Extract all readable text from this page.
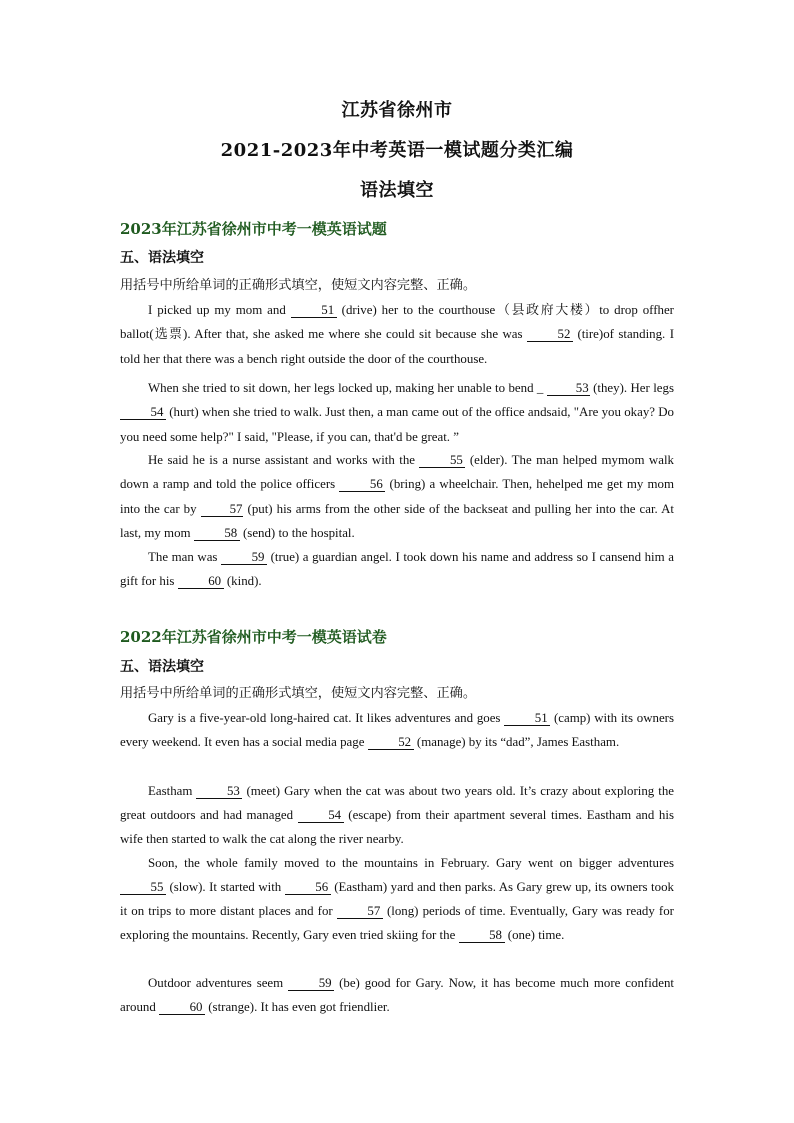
江苏省徐州市
2021-2023年中考英语一模试题分类汇编
语法填空
2023年江苏省徐州市中考一模英语试题
五、语法填空
用括号中所给单词的正确形式填空，使短文内容完整、正确。

I picked up my mom and	51 (drive) her to the courthouse（县政府大楼）to drop offher ballot(选票). After that, she asked me where she could sit because she was	52 (tire)of standing. I told her that there was a bench right outside the door of the courthouse.

When she tried to sit down, her legs locked up, making her unable to bend _	53 (they). Her legs 54 (hurt) when she tried to walk. Just then, a man came out of the office andsaid, "Are you okay? Do you need some help?" I said, "Please, if you can, that'd be great. ”

He said he is a nurse assistant and works with the	55 (elder). The man helped mymom walk down a ramp and told the police officers	56 (bring) a wheelchair. Then, hehelped me get my mom into the car by	57 (put) his arms from the other side of the backseat and pulling her into the car. At last, my mom	58 (send) to the hospital.

The man was	59 (true) a guardian angel. I took down his name and address so I cansend him a gift for his	60 (kind).

2022年江苏省徐州市中考一模英语试卷
五、语法填空
用括号中所给单词的正确形式填空，使短文内容完整、正确。

Gary is a five-year-old long-haired cat. It likes adventures and goes	51 (camp) with its owners every weekend. It even has a social media page	52 (manage) by its “dad”, James Eastham.

Eastham	53 (meet) Gary when the cat was about two years old. It’s crazy about exploring the great outdoors and had managed	54 (escape) from their apartment several times. Eastham and his wife then started to walk the cat along the river nearby.

Soon, the whole family moved to the mountains in February. Gary went on bigger adventures 55 (slow). It started with	56 (Eastham) yard and then parks. As Gary grew up, its owners took it on trips to more distant places and for	57 (long) periods of time. Eventually, Gary was ready for exploring the mountains. Recently, Gary even tried skiing for the	58 (one) time.

Outdoor adventures seem	59 (be) good for Gary. Now, it has become much more confident around	60 (strange). It has even got friendlier.
